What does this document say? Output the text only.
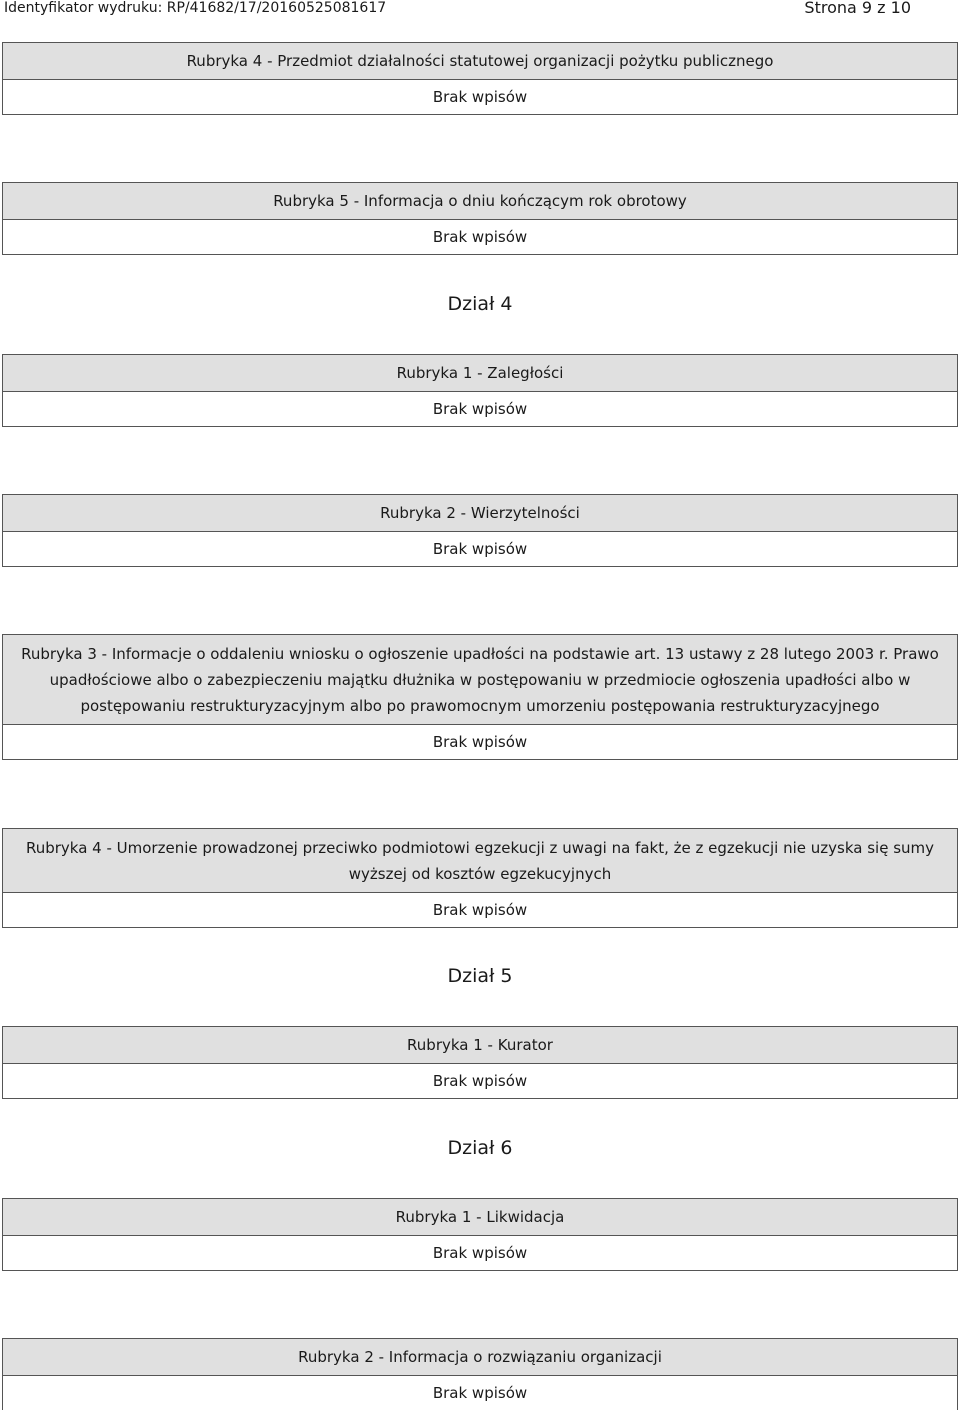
Identyfikator wydruku: RP/41682/17/20160525081617	Strona 9 z 10
Rubryka 4 - Przedmiot działalności statutowej organizacji pożytku publicznego
Brak wpisów
Rubryka 5 - Informacja o dniu kończącym rok obrotowy
Brak wpisów
Dział 4
Rubryka 1 - Zaległości
Brak wpisów
Rubryka 2 - Wierzytelności
Brak wpisów
Rubryka 3 - Informacje o oddaleniu wniosku o ogłoszenie upadłości na podstawie art. 13 ustawy z 28 lutego 2003 r. Prawo upadłościowe albo o zabezpieczeniu majątku dłużnika w postępowaniu w przedmiocie ogłoszenia upadłości albo w postępowaniu restrukturyzacyjnym albo po prawomocnym umorzeniu postępowania restrukturyzacyjnego
Brak wpisów
Rubryka 4 - Umorzenie prowadzonej przeciwko podmiotowi egzekucji z uwagi na fakt, że z egzekucji nie uzyska się sumy wyższej od kosztów egzekucyjnych
Brak wpisów
Dział 5
Rubryka 1 - Kurator
Brak wpisów
Dział 6
Rubryka 1 - Likwidacja
Brak wpisów
Rubryka 2 - Informacja o rozwiązaniu organizacji
Brak wpisów
